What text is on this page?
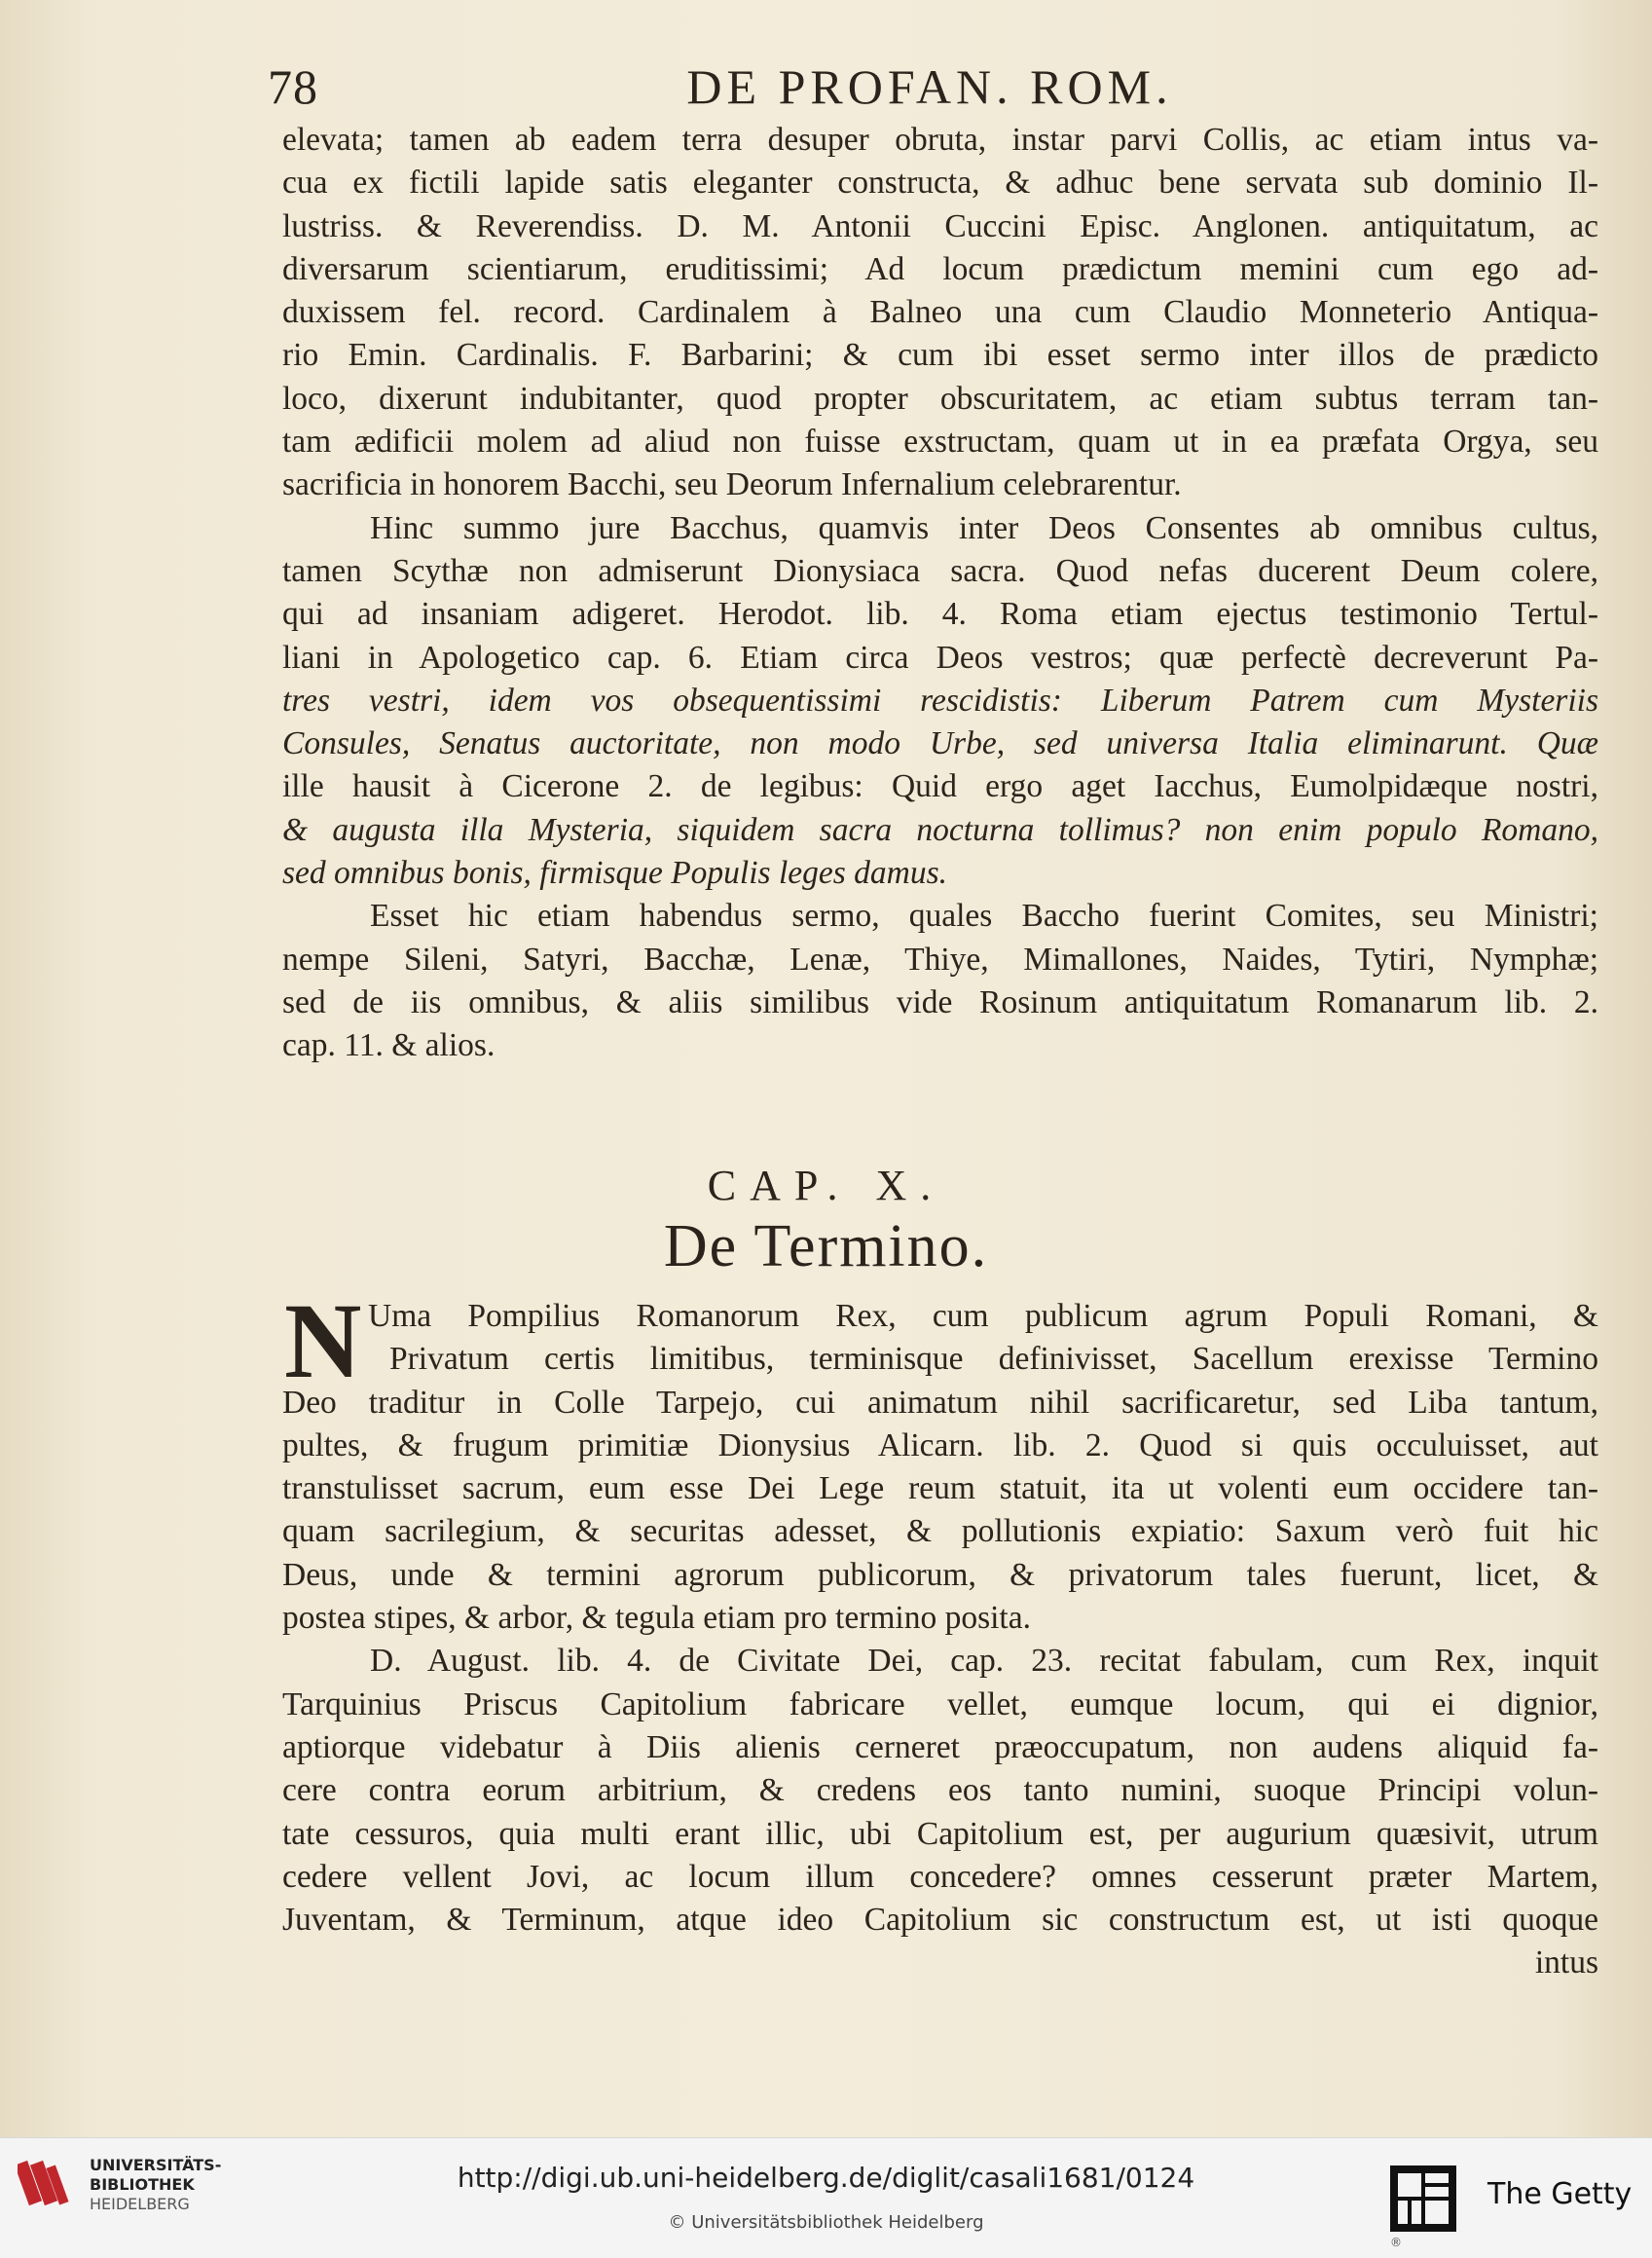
78	DE PROFAN. ROM.
elevata; tamen ab eadem terra desuper obruta, instar parvi Collis, ac etiam intus va-
cua ex fictili lapide satis eleganter constructa, & adhuc bene servata sub dominio Il-
lustriss. & Reverendiss. D. M. Antonii Cuccini Episc. Anglonen. antiquitatum, ac
diversarum scientiarum, eruditissimi; Ad locum prædictum memini cum ego ad-
duxissem fel. record. Cardinalem à Balneo una cum Claudio Monneterio Antiqua-
rio Emin. Cardinalis. F. Barbarini; & cum ibi esset sermo inter illos de prædicto
loco, dixerunt indubitanter, quod propter obscuritatem, ac etiam subtus terram tan-
tam ædificii molem ad aliud non fuisse exstructam, quam ut in ea præfata Orgya, seu
sacrificia in honorem Bacchi, seu Deorum Infernalium celebrarentur.
Hinc summo jure Bacchus, quamvis inter Deos Consentes ab omnibus cultus,
tamen Scythæ non admiserunt Dionysiaca sacra. Quod nefas ducerent Deum colere,
qui ad insaniam adigeret. Herodot. lib. 4. Roma etiam ejectus testimonio Tertul-
liani in Apologetico cap. 6. Etiam circa Deos vestros; quæ perfectè decreverunt Pa-
tres vestri, idem vos obsequentissimi rescidistis: Liberum Patrem cum Mysteriis
Consules, Senatus auctoritate, non modo Urbe, sed universa Italia eliminarunt. Quæ
ille hausit à Cicerone 2. de legibus: Quid ergo aget Iacchus, Eumolpidæque nostri,
& augusta illa Mysteria, siquidem sacra nocturna tollimus? non enim populo Romano,
sed omnibus bonis, firmisque Populis leges damus.
Esset hic etiam habendus sermo, quales Baccho fuerint Comites, seu Ministri;
nempe Sileni, Satyri, Bacchæ, Lenæ, Thiye, Mimallones, Naides, Tytiri, Nymphæ;
sed de iis omnibus, & aliis similibus vide Rosinum antiquitatum Romanarum lib. 2.
cap. 11. & alios.
CAP. X.
De Termino.
N Uma Pompilius Romanorum Rex, cum publicum agrum Populi Romani, &
Privatum certis limitibus, terminisque definivisset, Sacellum erexisse Termino
Deo traditur in Colle Tarpejo, cui animatum nihil sacrificaretur, sed Liba tantum,
pultes, & frugum primitiæ Dionysius Alicarn. lib. 2. Quod si quis occuluisset, aut
transtulisset sacrum, eum esse Dei Lege reum statuit, ita ut volenti eum occidere tan-
quam sacrilegium, & securitas adesset, & pollutionis expiatio: Saxum verò fuit hic
Deus, unde & termini agrorum publicorum, & privatorum tales fuerunt, licet, &
postea stipes, & arbor, & tegula etiam pro termino posita.
D. August. lib. 4. de Civitate Dei, cap. 23. recitat fabulam, cum Rex, inquit
Tarquinius Priscus Capitolium fabricare vellet, eumque locum, qui ei dignior,
aptiorque videbatur à Diis alienis cerneret præoccupatum, non audens aliquid fa-
cere contra eorum arbitrium, & credens eos tanto numini, suoque Principi volun-
tate cessuros, quia multi erant illic, ubi Capitolium est, per augurium quæsivit, utrum
cedere vellent Jovi, ac locum illum concedere? omnes cesserunt præter Martem,
Juventam, & Terminum, atque ideo Capitolium sic constructum est, ut isti quoque
intus
UNIVERSITÄTS-
BIBLIOTHEK
HEIDELBERG
http://digi.ub.uni-heidelberg.de/diglit/casali1681/0124
© Universitätsbibliothek Heidelberg
The Getty
®
